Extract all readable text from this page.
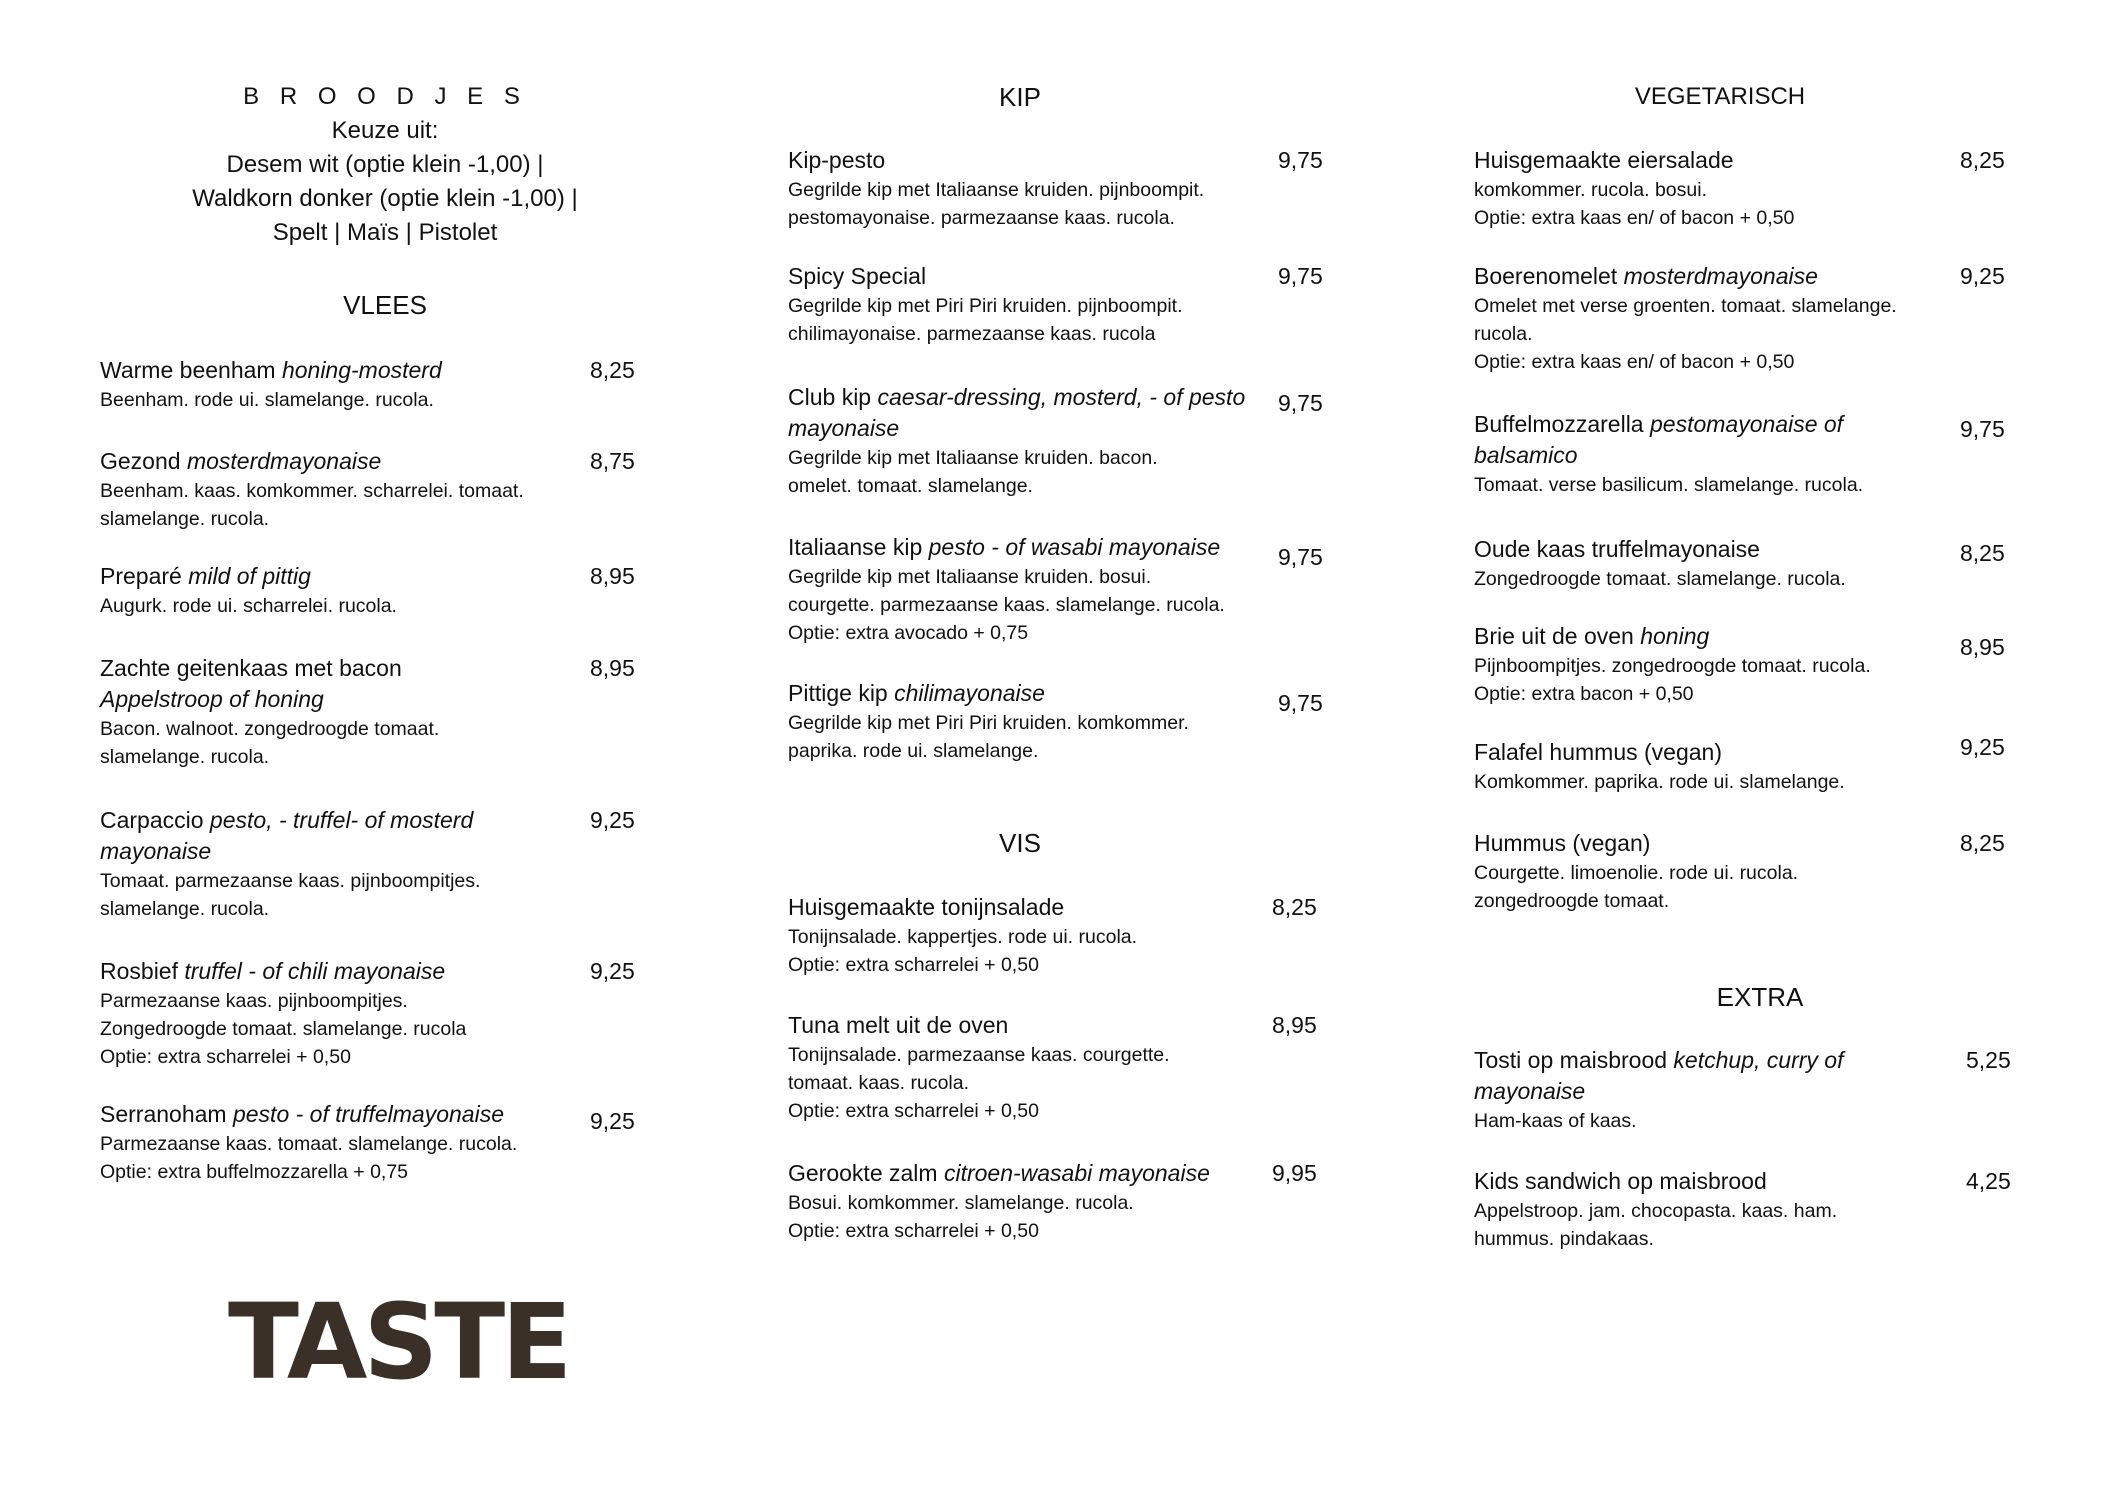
B R O O D J E S
Keuze uit:
Desem wit (optie klein -1,00) |
Waldkorn donker (optie klein -1,00) |
Spelt | Maïs | Pistolet
VLEES
KIP
VIS
VEGETARISCH
EXTRA
Warme beenham honing-mosterd
Beenham. rode ui. slamelange. rucola.
8,25
Gezond mosterdmayonaise
Beenham. kaas. komkommer. scharrelei. tomaat.
slamelange. rucola.
8,75
Preparé mild of pittig
Augurk. rode ui. scharrelei. rucola.
8,95
Zachte geitenkaas met bacon
Appelstroop of honing
Bacon. walnoot. zongedroogde tomaat.
slamelange. rucola.
8,95
Carpaccio pesto, - truffel- of mosterd
mayonaise
Tomaat. parmezaanse kaas. pijnboompitjes.
slamelange. rucola.
9,25
Rosbief truffel - of chili mayonaise
Parmezaanse kaas. pijnboompitjes.
Zongedroogde tomaat. slamelange. rucola
Optie: extra scharrelei + 0,50
9,25
Serranoham pesto - of truffelmayonaise
Parmezaanse kaas. tomaat. slamelange. rucola.
Optie: extra buffelmozzarella + 0,75
9,25
Kip-pesto
Gegrilde kip met Italiaanse kruiden. pijnboompit.
pestomayonaise. parmezaanse kaas. rucola.
9,75
Spicy Special
Gegrilde kip met Piri Piri kruiden. pijnboompit.
chilimayonaise. parmezaanse kaas. rucola
9,75
Club kip caesar-dressing, mosterd, - of pesto
mayonaise
Gegrilde kip met Italiaanse kruiden. bacon.
omelet. tomaat. slamelange.
9,75
Italiaanse kip pesto - of wasabi mayonaise
Gegrilde kip met Italiaanse kruiden. bosui.
courgette. parmezaanse kaas. slamelange. rucola.
Optie: extra avocado + 0,75
9,75
Pittige kip chilimayonaise
Gegrilde kip met Piri Piri kruiden. komkommer.
paprika. rode ui. slamelange.
9,75
Huisgemaakte tonijnsalade
Tonijnsalade. kappertjes. rode ui. rucola.
Optie: extra scharrelei + 0,50
8,25
Tuna melt uit de oven
Tonijnsalade. parmezaanse kaas. courgette.
tomaat. kaas. rucola.
Optie: extra scharrelei + 0,50
8,95
Gerookte zalm citroen-wasabi mayonaise
Bosui. komkommer. slamelange. rucola.
Optie: extra scharrelei + 0,50
9,95
Huisgemaakte eiersalade
komkommer. rucola. bosui.
Optie: extra kaas en/ of bacon + 0,50
8,25
Boerenomelet mosterdmayonaise
Omelet met verse groenten. tomaat. slamelange.
rucola.
Optie: extra kaas en/ of bacon + 0,50
9,25
Buffelmozzarella pestomayonaise of
balsamico
Tomaat. verse basilicum. slamelange. rucola.
9,75
Oude kaas truffelmayonaise
Zongedroogde tomaat. slamelange. rucola.
8,25
Brie uit de oven honing
Pijnboompitjes. zongedroogde tomaat. rucola.
Optie: extra bacon + 0,50
8,95
Falafel hummus (vegan)
Komkommer. paprika. rode ui. slamelange.
9,25
Hummus (vegan)
Courgette. limoenolie. rode ui. rucola.
zongedroogde tomaat.
8,25
Tosti op maisbrood ketchup, curry of
mayonaise
Ham-kaas of kaas.
5,25
Kids sandwich op maisbrood
Appelstroop. jam. chocopasta. kaas. ham.
hummus. pindakaas.
4,25
TASTE
